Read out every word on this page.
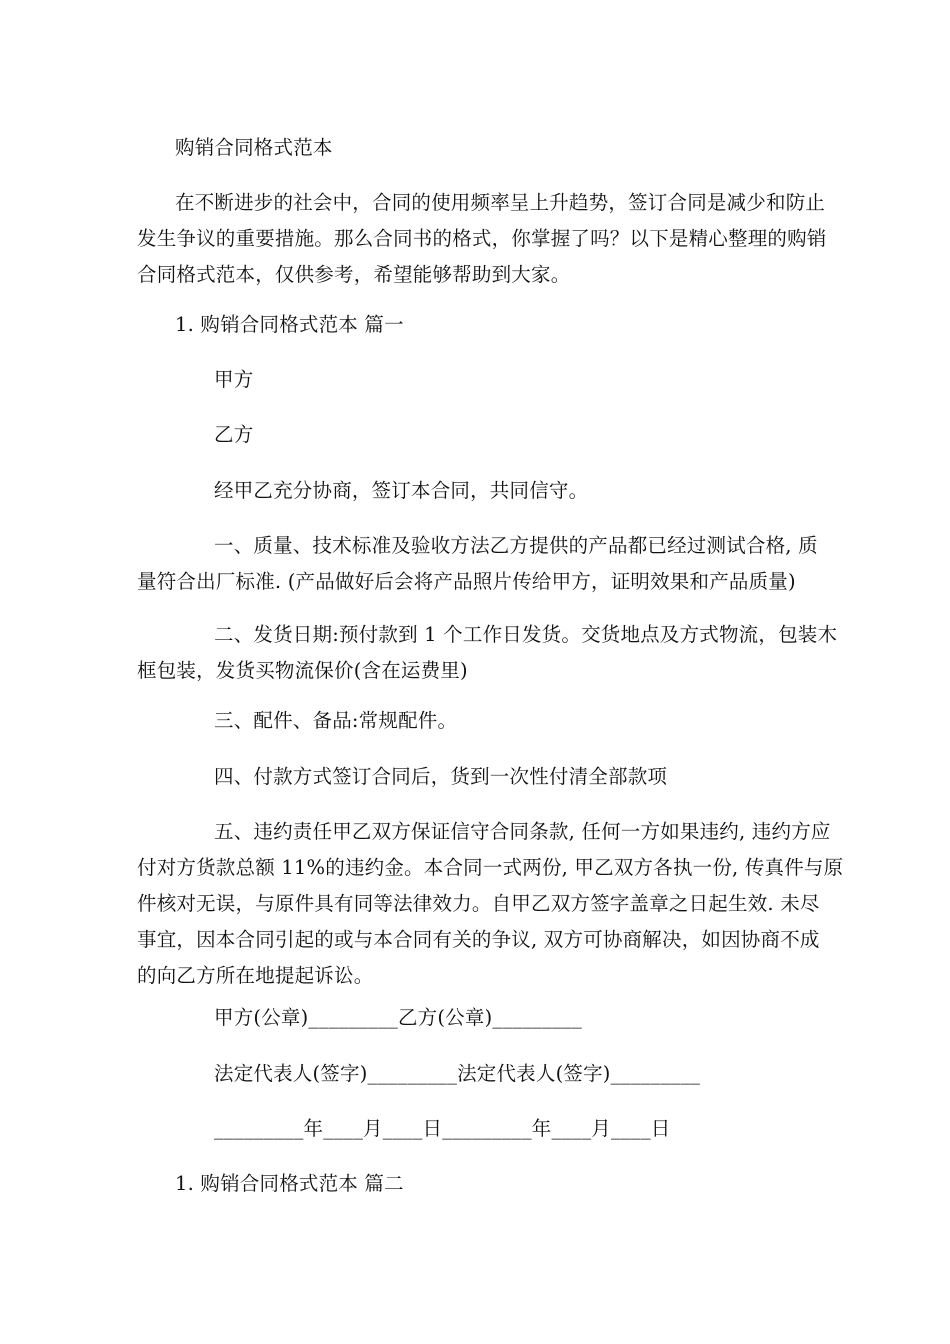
购销合同格式范本
在不断进步的社会中，合同的使用频率呈上升趋势，签订合同是减少和防止
发生争议的重要措施。那么合同书的格式，你掌握了吗？以下是精心整理的购销
合同格式范本，仅供参考，希望能够帮助到大家。
1. 购销合同格式范本 篇一
甲方
乙方
经甲乙充分协商，签订本合同，共同信守。
一、质量、技术标准及验收方法乙方提供的产品都已经过测试合格, 质
量符合出厂标准. (产品做好后会将产品照片传给甲方，证明效果和产品质量)
二、发货日期:预付款到 1 个工作日发货。交货地点及方式物流，包装木
框包装，发货买物流保价(含在运费里)
三、配件、备品:常规配件。
四、付款方式签订合同后，货到一次性付清全部款项
五、违约责任甲乙双方保证信守合同条款, 任何一方如果违约, 违约方应
付对方货款总额 11%的违约金。本合同一式两份, 甲乙双方各执一份, 传真件与原
件核对无误，与原件具有同等法律效力。自甲乙双方签字盖章之日起生效. 未尽
事宜，因本合同引起的或与本合同有关的争议, 双方可协商解决，如因协商不成
的向乙方所在地提起诉讼。
甲方(公章)_________乙方(公章)_________
法定代表人(签字)_________法定代表人(签字)_________
_________年____月____日_________年____月____日
1. 购销合同格式范本 篇二
